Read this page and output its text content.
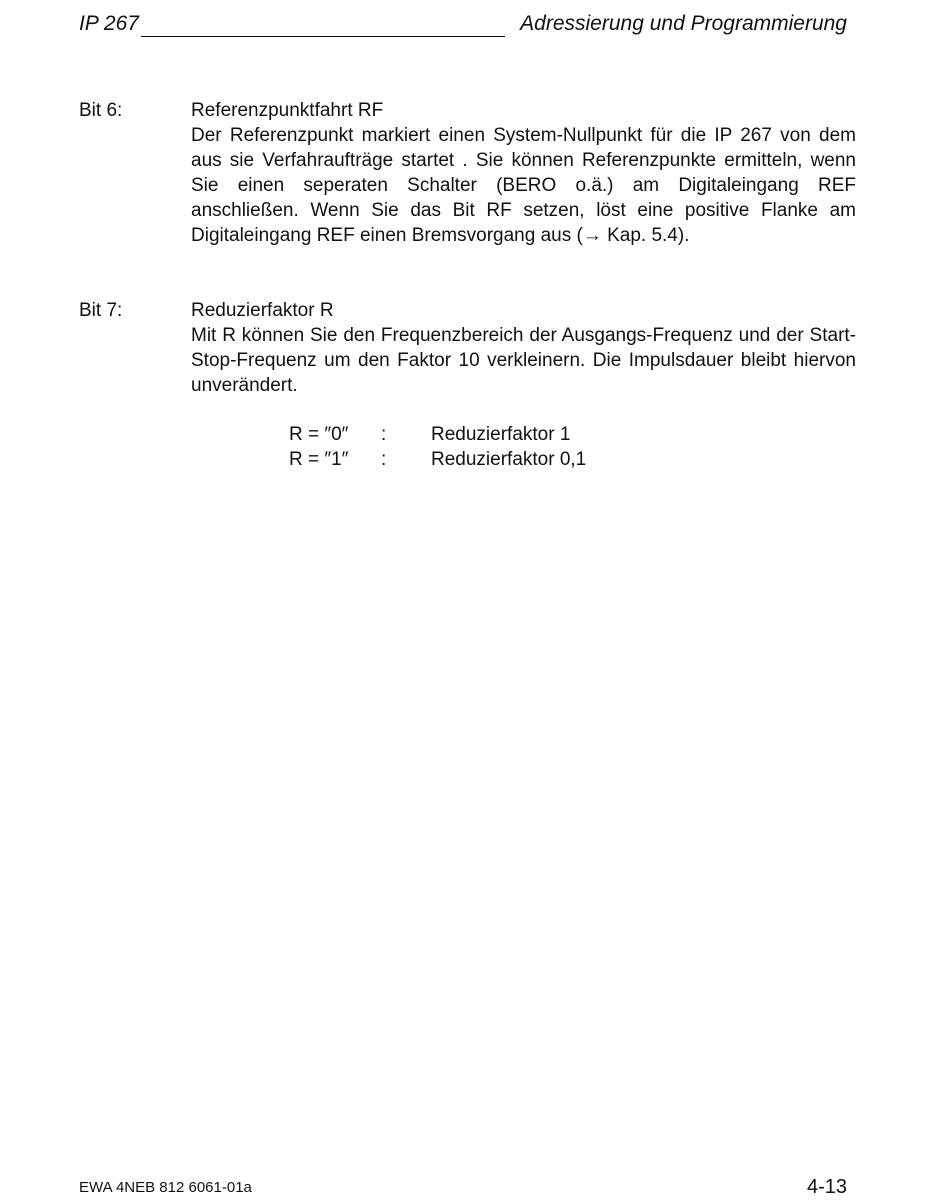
IP 267	Adressierung und Programmierung
Bit 6:	Referenzpunktfahrt RF
Der Referenzpunkt markiert einen System-Nullpunkt für die IP 267 von dem aus sie Verfahraufträge startet . Sie können Referenzpunkte ermitteln, wenn Sie einen seperaten Schalter (BERO o.ä.) am Digitaleingang REF anschließen. Wenn Sie das Bit RF setzen, löst eine positive Flanke am Digitaleingang REF einen Bremsvorgang aus (→ Kap. 5.4).
Bit 7:	Reduzierfaktor R
Mit R können Sie den Frequenzbereich der Ausgangs-Frequenz und der Start-Stop-Frequenz um den Faktor 10 verkleinern. Die Impulsdauer bleibt hiervon unverändert.
R = ″0″	:	Reduzierfaktor 1
R = ″1″	:	Reduzierfaktor 0,1
EWA 4NEB 812 6061-01a	4-13
